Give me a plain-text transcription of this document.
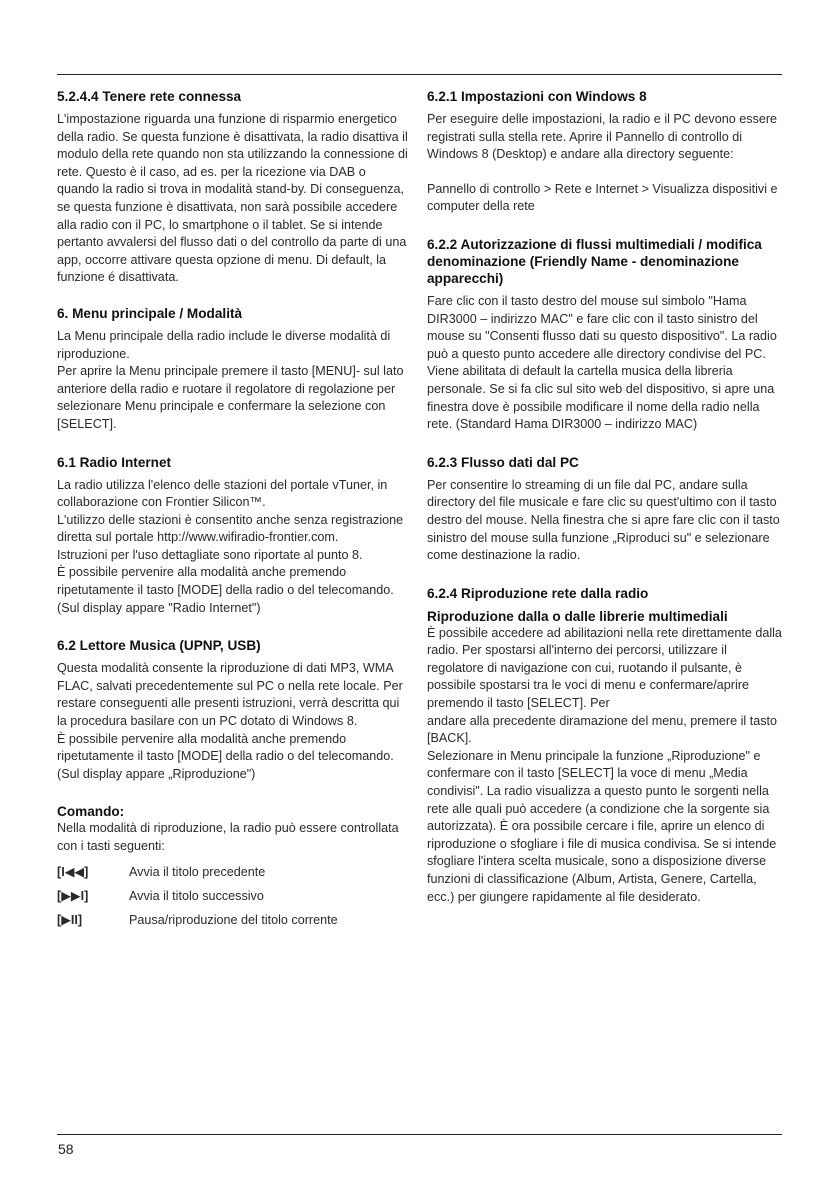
5.2.4.4 Tenere rete connessa

L'impostazione riguarda una funzione di risparmio energetico della radio. Se questa funzione è disattivata, la radio disattiva il modulo della rete quando non sta utilizzando la connessione di rete. Questo è il caso, ad es. per la ricezione via DAB o quando la radio si trova in modalità stand-by. Di conseguenza, se questa funzione è disattivata, non sarà possibile accedere alla radio con il PC, lo smartphone o il tablet. Se si intende pertanto avvalersi del flusso dati o del controllo da parte di una app, occorre attivare questa opzione di menu. Di default, la funzione é disattivata.

6. Menu principale / Modalità

La Menu principale della radio include le diverse modalità di riproduzione.

Per aprire la Menu principale premere il tasto [MENU]- sul lato anteriore della radio e ruotare il regolatore di regolazione per selezionare Menu principale e confermare la selezione con [SELECT].

6.1 Radio Internet

La radio utilizza l'elenco delle stazioni del portale vTuner, in collaborazione con Frontier Silicon™.

L'utilizzo delle stazioni è consentito anche senza registrazione diretta sul portale http://www.wifiradio-frontier.com.

Istruzioni per l'uso dettagliate sono riportate al punto 8.

È possibile pervenire alla modalità anche premendo ripetutamente il tasto [MODE] della radio o del telecomando. (Sul display appare "Radio Internet")

6.2 Lettore Musica (UPNP, USB)

Questa modalità consente la riproduzione di dati MP3, WMA FLAC, salvati precedentemente sul PC o nella rete locale. Per restare conseguenti alle presenti istruzioni, verrà descritta qui la procedura basilare con un PC dotato di Windows 8.

È possibile pervenire alla modalità anche premendo ripetutamente il tasto [MODE] della radio o del telecomando. (Sul display appare „Riproduzione")

Comando:

Nella modalità di riproduzione, la radio può essere controllata con i tasti seguenti:

[I◀◀]	Avvia il titolo precedente
[▶▶I]	Avvia il titolo successivo
[▶II]	Pausa/riproduzione del titolo corrente
6.2.1 Impostazioni con Windows 8

Per eseguire delle impostazioni, la radio e il PC devono essere registrati sulla stella rete. Aprire il Pannello di controllo di Windows 8 (Desktop) e andare alla directory seguente:

Pannello di controllo > Rete e Internet > Visualizza dispositivi e computer della rete

6.2.2 Autorizzazione di flussi multimediali / modifica denominazione (Friendly Name - denominazione apparecchi)

Fare clic con il tasto destro del mouse sul simbolo "Hama DIR3000 – indirizzo MAC" e fare clic con il tasto sinistro del mouse su "Consenti flusso dati su questo dispositivo". La radio può a questo punto accedere alle directory condivise del PC. Viene abilitata di default la cartella musica della libreria personale. Se si fa clic sul sito web del dispositivo, si apre una finestra dove è possibile modificare il nome della radio nella rete. (Standard Hama DIR3000 – indirizzo MAC)

6.2.3 Flusso dati dal PC

Per consentire lo streaming di un file dal PC, andare sulla directory del file musicale e fare clic su quest'ultimo con il tasto destro del mouse. Nella finestra che si apre fare clic con il tasto sinistro del mouse sulla funzione „Riproduci su" e selezionare come destinazione la radio.

6.2.4 Riproduzione rete dalla radio
Riproduzione dalla o dalle librerie multimediali

È possibile accedere ad abilitazioni nella rete direttamente dalla radio. Per spostarsi all'interno dei percorsi, utilizzare il regolatore di navigazione con cui, ruotando il pulsante, è possibile spostarsi tra le voci di menu e confermare/aprire premendo il tasto [SELECT]. Per

andare alla precedente diramazione del menu, premere il tasto [BACK].

Selezionare in Menu principale la funzione „Riproduzione" e confermare con il tasto [SELECT] la voce di menu „Media condivisi". La radio visualizza a questo punto le sorgenti nella rete alle quali può accedere (a condizione che la sorgente sia autorizzata). È ora possibile cercare i file, aprire un elenco di riproduzione o sfogliare i file di musica condivisa. Se si intende sfogliare l'intera scelta musicale, sono a disposizione diverse funzioni di classificazione (Album, Artista, Genere, Cartella, ecc.) per giungere rapidamente al file desiderato.

58
